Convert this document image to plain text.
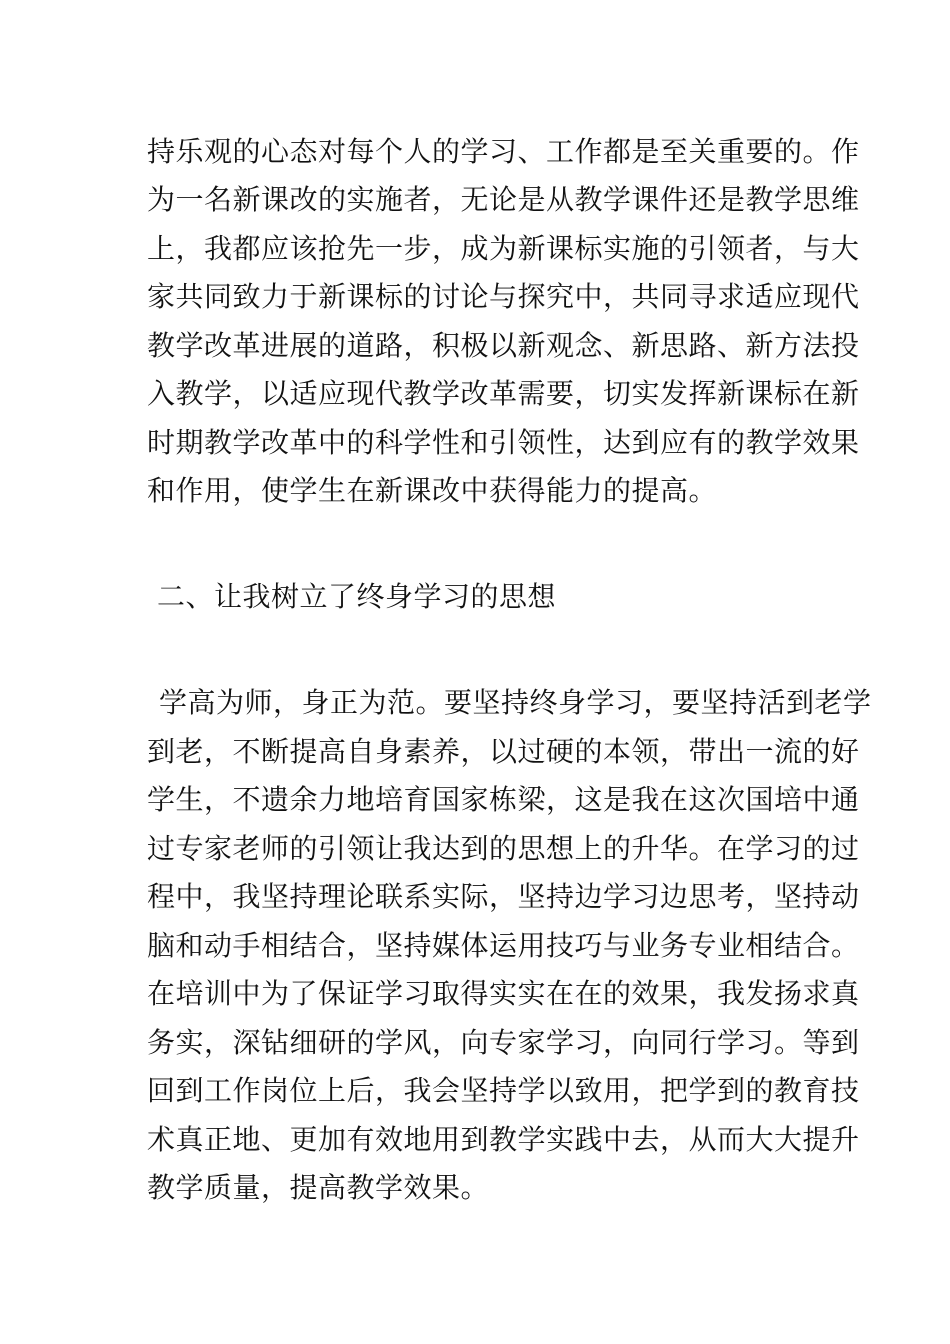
持乐观的心态对每个人的学习、工作都是至关重要的。作
为一名新课改的实施者，无论是从教学课件还是教学思维
上，我都应该抢先一步，成为新课标实施的引领者，与大
家共同致力于新课标的讨论与探究中，共同寻求适应现代
教学改革进展的道路，积极以新观念、新思路、新方法投
入教学，以适应现代教学改革需要，切实发挥新课标在新
时期教学改革中的科学性和引领性，达到应有的教学效果
和作用，使学生在新课改中获得能力的提高。
二、让我树立了终身学习的思想
学高为师，身正为范。要坚持终身学习，要坚持活到老学
到老，不断提高自身素养，以过硬的本领，带出一流的好
学生，不遗余力地培育国家栋梁，这是我在这次国培中通
过专家老师的引领让我达到的思想上的升华。在学习的过
程中，我坚持理论联系实际，坚持边学习边思考，坚持动
脑和动手相结合，坚持媒体运用技巧与业务专业相结合。
在培训中为了保证学习取得实实在在的效果，我发扬求真
务实，深钻细研的学风，向专家学习，向同行学习。等到
回到工作岗位上后，我会坚持学以致用，把学到的教育技
术真正地、更加有效地用到教学实践中去，从而大大提升
教学质量，提高教学效果。
